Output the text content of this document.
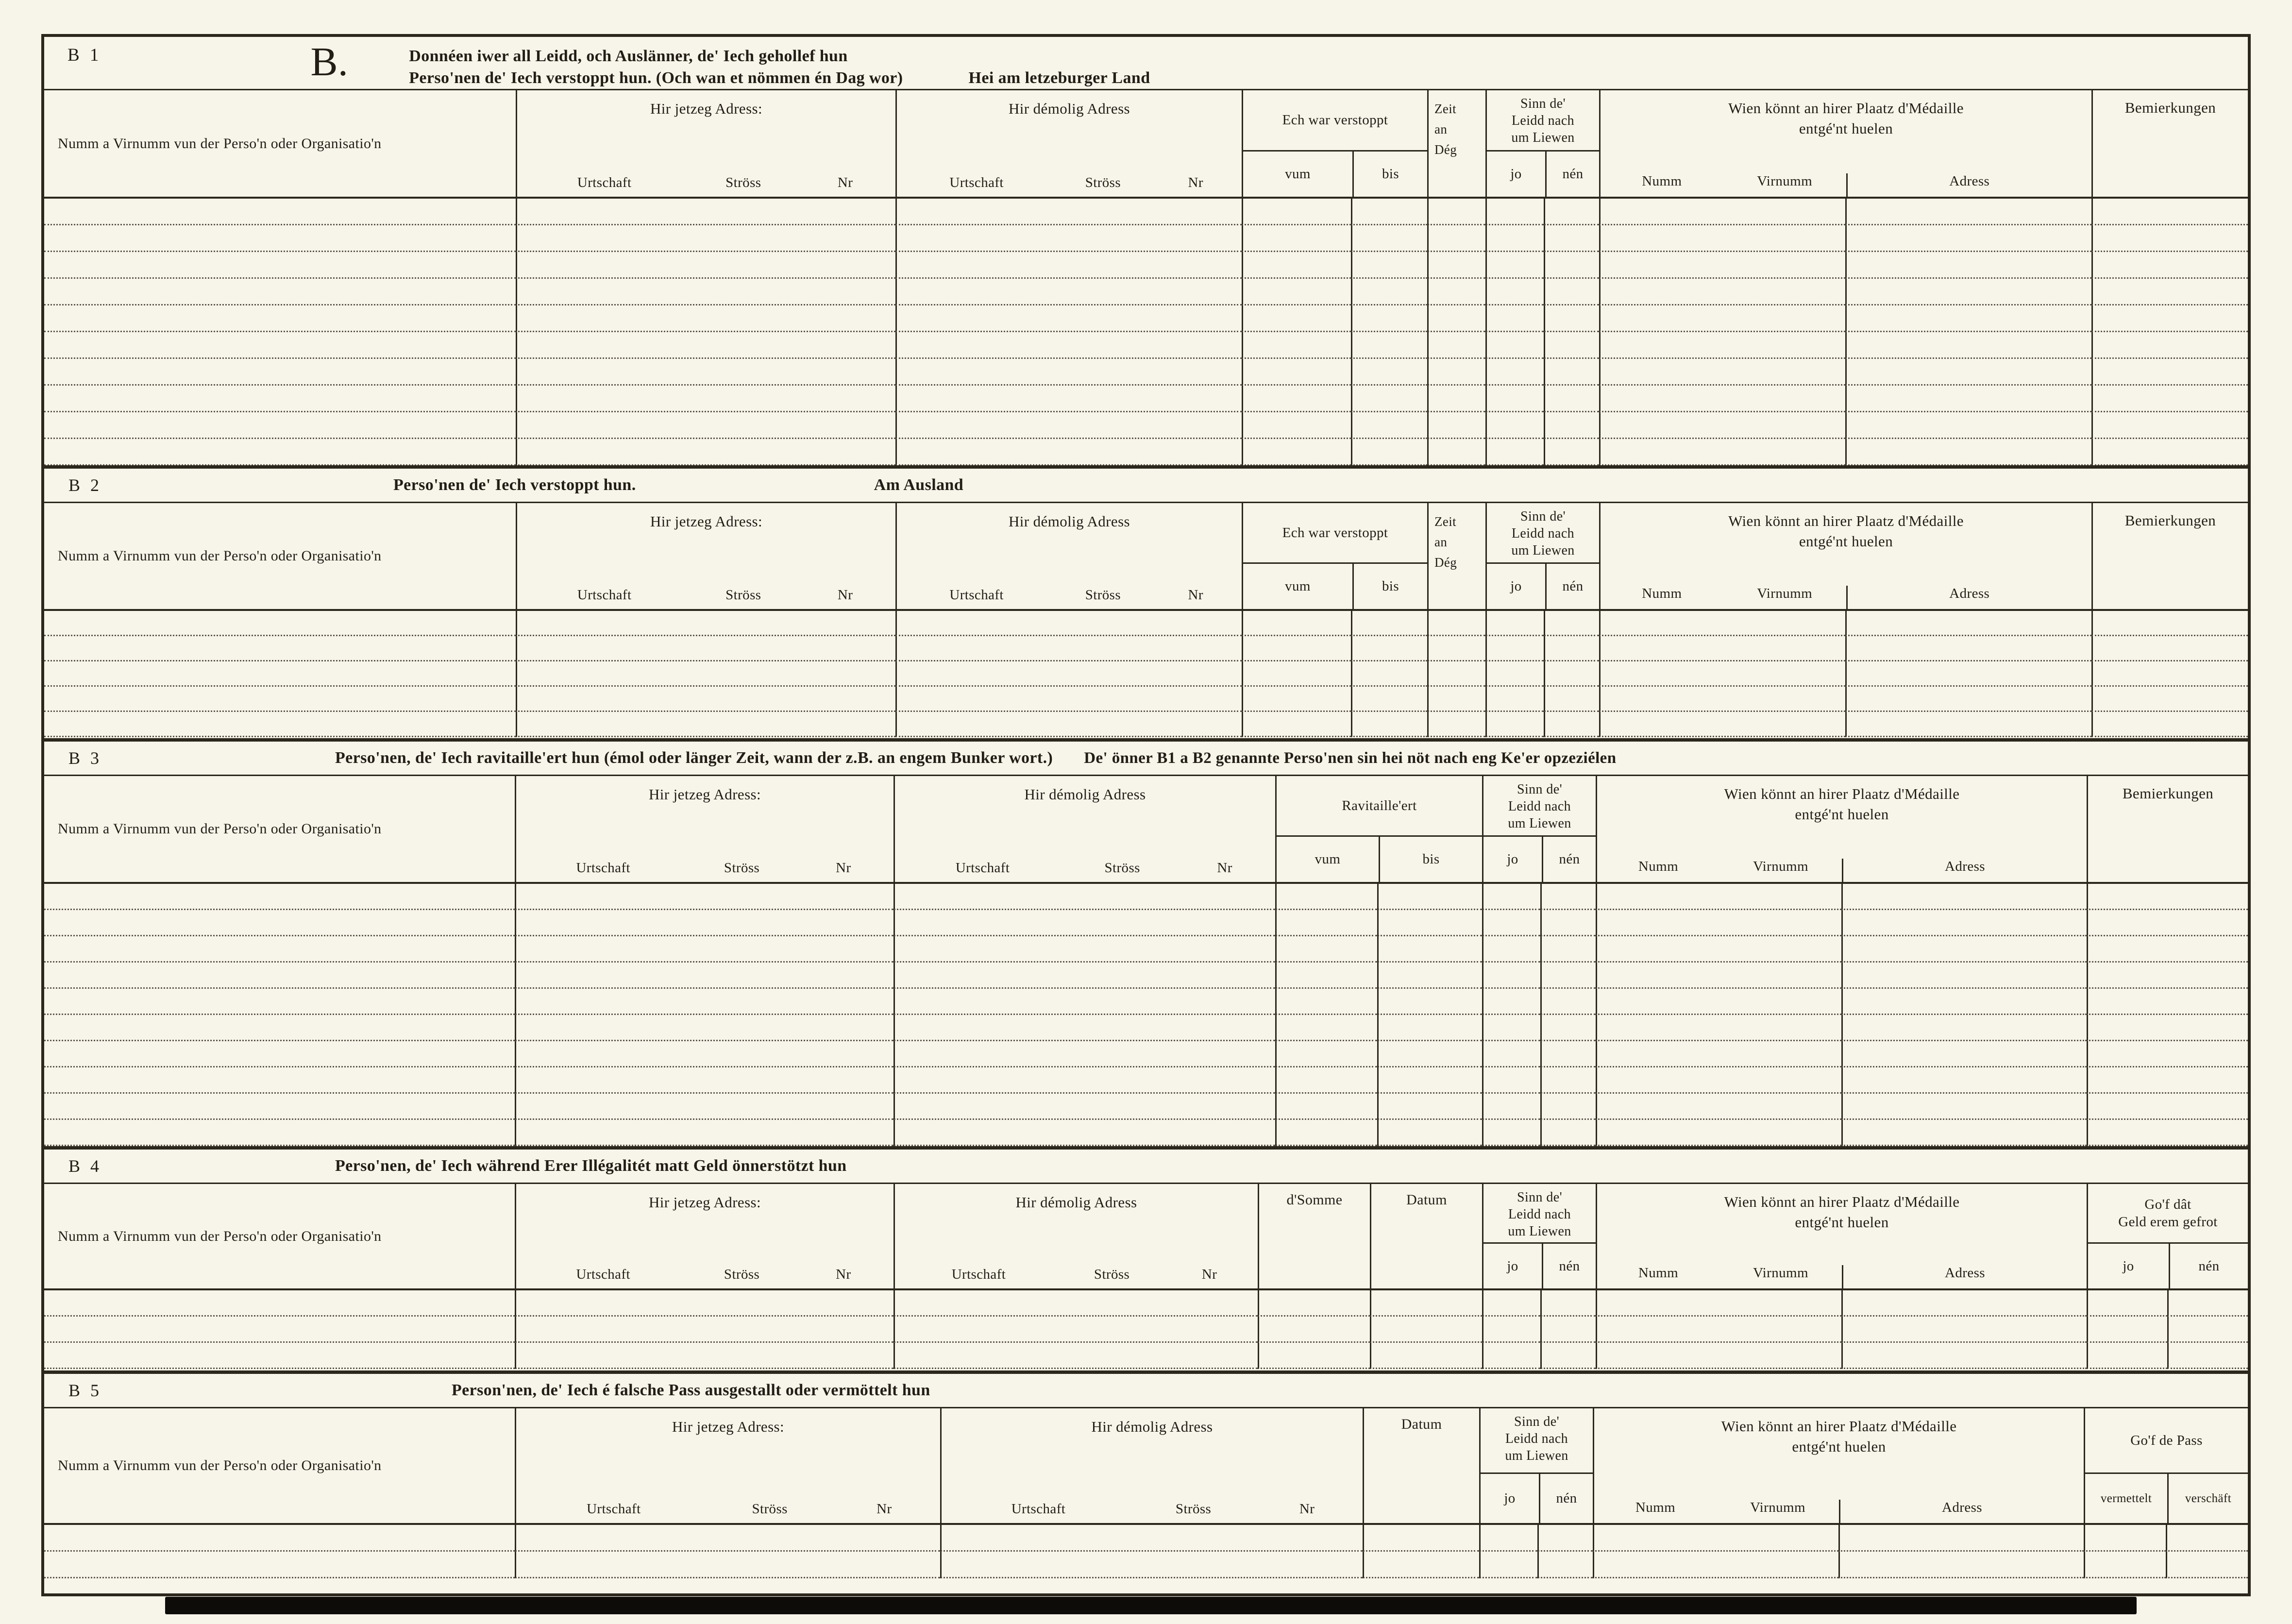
B 1	B.	Donnéen iwer all Leidd, och Auslänner, de' Iech gehollef hun
Perso'nen de' Iech verstoppt hun. (Och wan et nömmen én Dag wor)	Hei am letzeburger Land
Numm a Virnumm vun der Perso'n oder Organisatio'n
Hir jetzeg Adress:
Urtschaft	Ströss	Nr
Hir démolig Adress
Urtschaft	Ströss	Nr
Ech war verstoppt
vum	bis
Zeit
an
Dég
Sinn de'
Leidd nach
um Liewen
jo	nén
Wien könnt an hirer Plaatz d'Médaille
entgé'nt huelen
Numm	Virnumm	Adress
Bemierkungen
B 2	Perso'nen de' Iech verstoppt hun.	Am Ausland
Numm a Virnumm vun der Perso'n oder Organisatio'n
Hir jetzeg Adress:
Urtschaft	Ströss	Nr
Hir démolig Adress
Urtschaft	Ströss	Nr
Ech war verstoppt
vum	bis
Zeit
an
Dég
Sinn de'
Leidd nach
um Liewen
jo	nén
Wien könnt an hirer Plaatz d'Médaille
entgé'nt huelen
Numm	Virnumm	Adress
Bemierkungen
B 3	Perso'nen, de' Iech ravitaille'ert hun (émol oder länger Zeit, wann der z.B. an engem Bunker wort.) De' önner B1 a B2 genannte Perso'nen sin hei nöt nach eng Ke'er opzeziélen
Numm a Virnumm vun der Perso'n oder Organisatio'n
Hir jetzeg Adress:
Urtschaft	Ströss	Nr
Hir démolig Adress
Urtschaft	Ströss	Nr
Ravitaille'ert
vum	bis
Sinn de'
Leidd nach
um Liewen
jo	nén
Wien könnt an hirer Plaatz d'Médaille
entgé'nt huelen
Numm	Virnumm	Adress
Bemierkungen
B 4	Perso'nen, de' Iech während Erer Illégalitét matt Geld önnerstötzt hun
Numm a Virnumm vun der Perso'n oder Organisatio'n
Hir jetzeg Adress:
Urtschaft	Ströss	Nr
Hir démolig Adress
Urtschaft	Ströss	Nr
d'Somme	Datum	Sinn de'
Leidd nach
um Liewen
jo	nén
Wien könnt an hirer Plaatz d'Médaille
entgé'nt huelen
Numm	Virnumm	Adress
Go'f dât
Geld erem gefrot
jo	nén
B 5	Person'nen, de' Iech é falsche Pass ausgestallt oder vermöttelt hun
Numm a Virnumm vun der Perso'n oder Organisatio'n
Hir jetzeg Adress:
Urtschaft	Ströss	Nr
Hir démolig Adress
Urtschaft	Ströss	Nr
Datum	Sinn de'
Leidd nach
um Liewen
jo	nén
Wien könnt an hirer Plaatz d'Médaille
entgé'nt huelen
Numm	Virnumm	Adress
Go'f de Pass
vermettelt	verschäft
